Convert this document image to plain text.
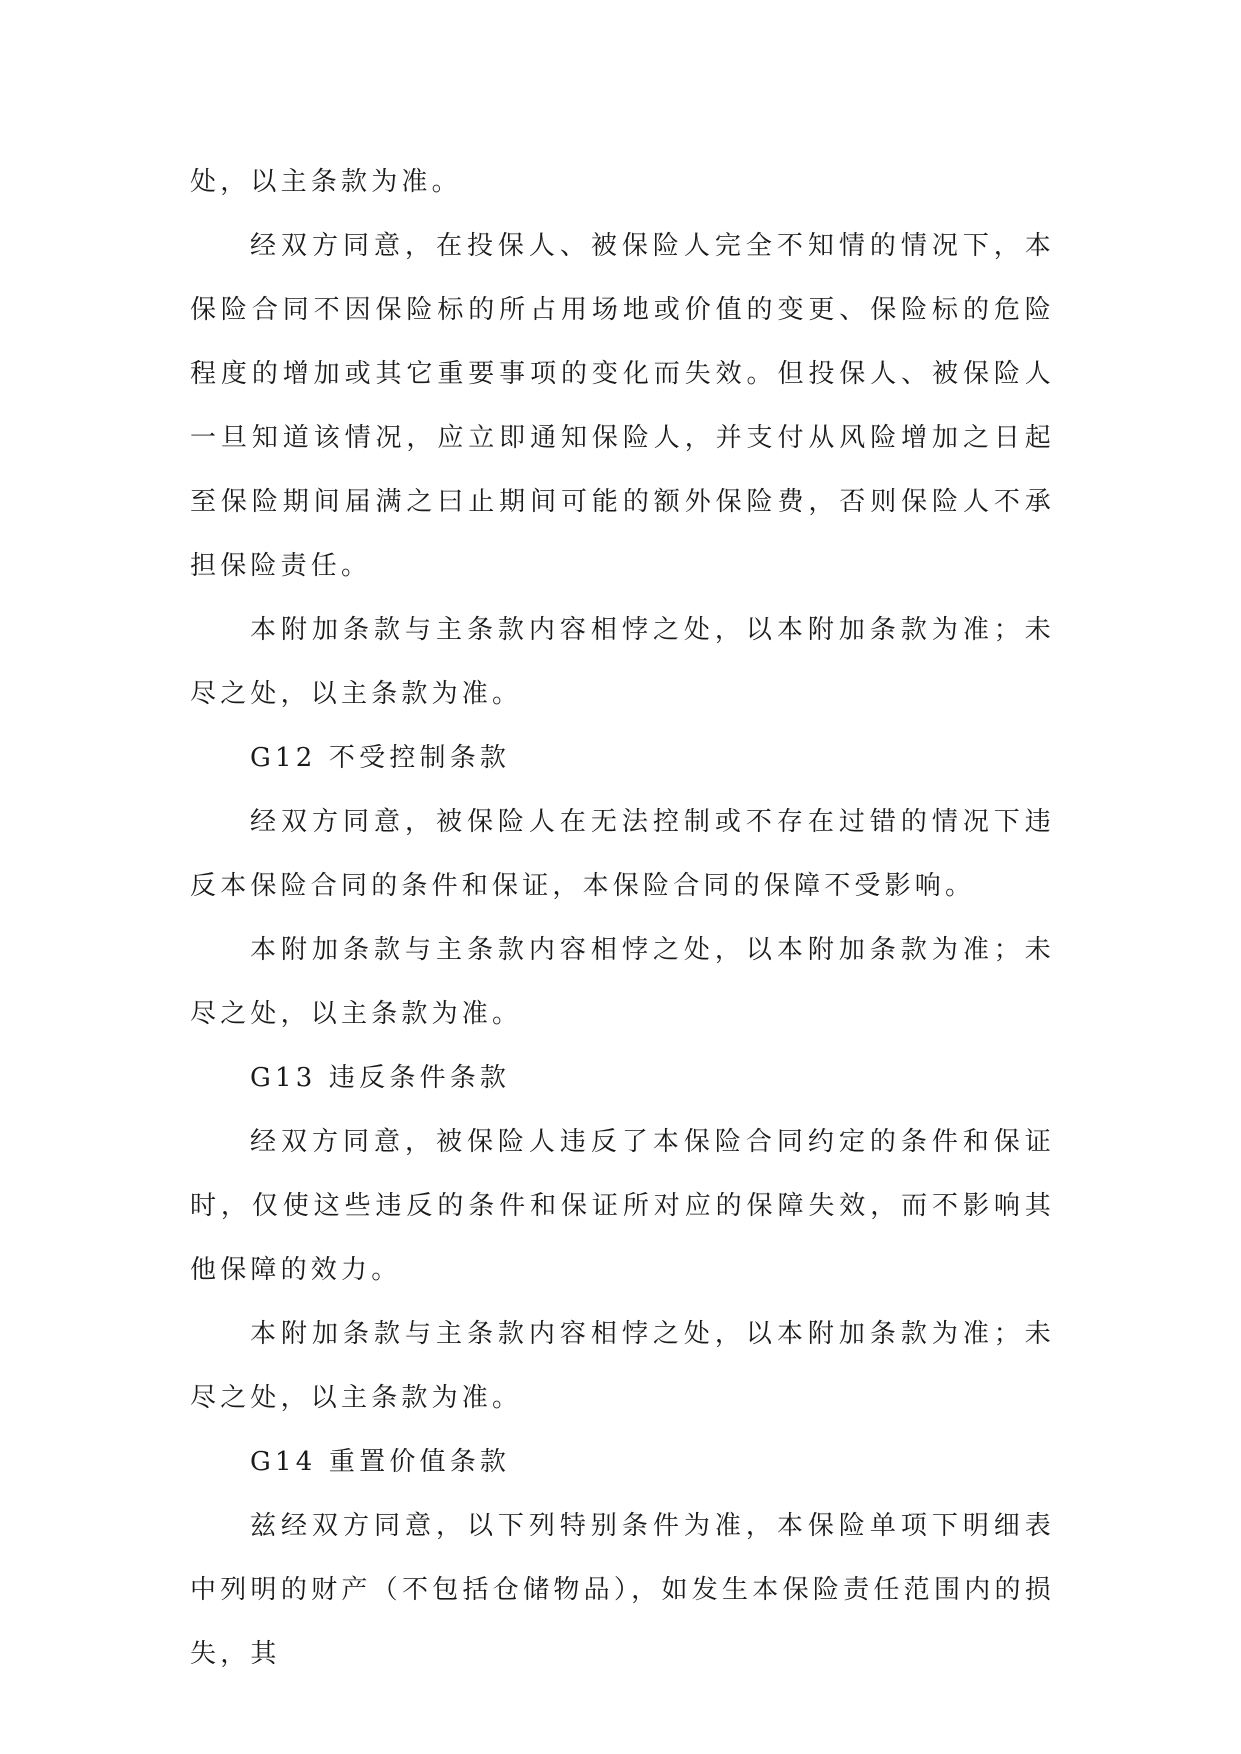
处，以主条款为准。

经双方同意，在投保人、被保险人完全不知情的情况下，本保险合同不因保险标的所占用场地或价值的变更、保险标的危险程度的增加或其它重要事项的变化而失效。但投保人、被保险人一旦知道该情况，应立即通知保险人，并支付从风险增加之日起至保险期间届满之曰止期间可能的额外保险费，否则保险人不承担保险责任。

本附加条款与主条款内容相悖之处，以本附加条款为准；未尽之处，以主条款为准。

G12 不受控制条款

经双方同意，被保险人在无法控制或不存在过错的情况下违反本保险合同的条件和保证，本保险合同的保障不受影响。

本附加条款与主条款内容相悖之处，以本附加条款为准；未尽之处，以主条款为准。

G13 违反条件条款

经双方同意，被保险人违反了本保险合同约定的条件和保证时，仅使这些违反的条件和保证所对应的保障失效，而不影响其他保障的效力。

本附加条款与主条款内容相悖之处，以本附加条款为准；未尽之处，以主条款为准。

G14 重置价值条款

兹经双方同意，以下列特别条件为准，本保险单项下明细表中列明的财产（不包括仓储物品），如发生本保险责任范围内的损失，其
